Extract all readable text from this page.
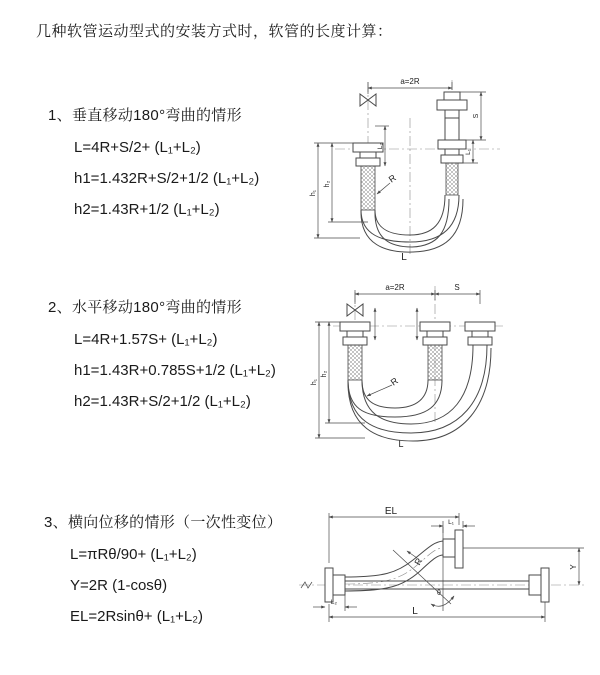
几种软管运动型式的安装方式时，软管的长度计算：
1、垂直移动180°弯曲的情形
L=4R+S/2+ (L₁+L₂)
h1=1.432R+S/2+1/2 (L₁+L₂)
h2=1.43R+1/2 (L₁+L₂)
a=2R
h₁
h₂
L₂
S
L₁
R
L
2、水平移动180°弯曲的情形
L=4R+1.57S+ (L₁+L₂)
h1=1.43R+0.785S+1/2 (L₁+L₂)
h2=1.43R+S/2+1/2 (L₁+L₂)
a=2R	S
h₁
h₂
R
L
3、横向位移的情形（一次性变位）
L=πRθ/90+ (L₁+L₂)
Y=2R (1-cosθ)
EL=2Rsinθ+ (L₁+L₂)
EL
L₁
Y
L
L₂
R
θ
